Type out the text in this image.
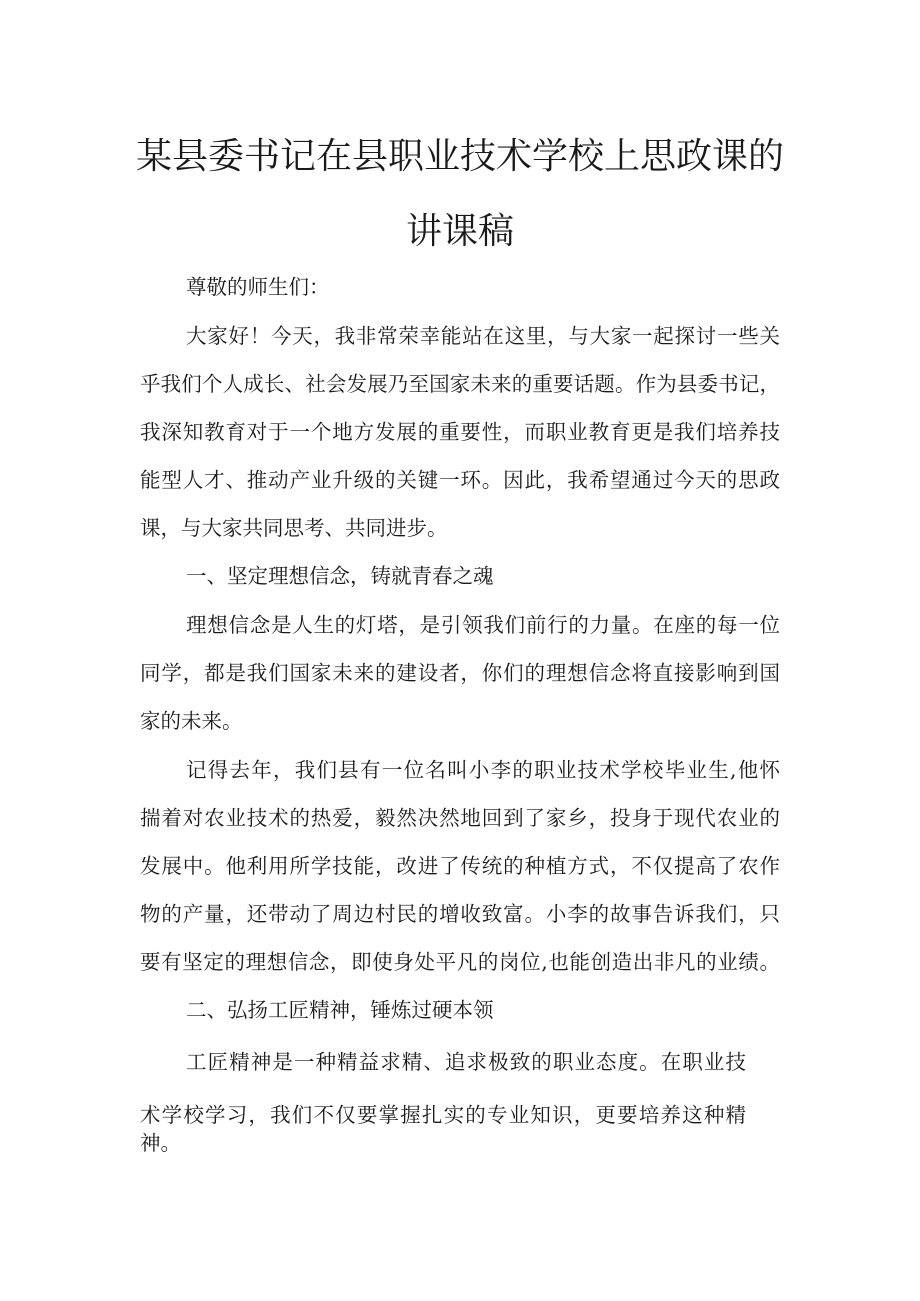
某县委书记在县职业技术学校上思政课的
讲课稿
尊敬的师生们：
大家好！今天，我非常荣幸能站在这里，与大家一起探讨一些关
乎我们个人成长、社会发展乃至国家未来的重要话题。作为县委书记，
我深知教育对于一个地方发展的重要性，而职业教育更是我们培养技
能型人才、推动产业升级的关键一环。因此，我希望通过今天的思政
课，与大家共同思考、共同进步。
一、坚定理想信念，铸就青春之魂
理想信念是人生的灯塔，是引领我们前行的力量。在座的每一位
同学，都是我们国家未来的建设者，你们的理想信念将直接影响到国
家的未来。
记得去年，我们县有一位名叫小李的职业技术学校毕业生,他怀
揣着对农业技术的热爱，毅然决然地回到了家乡，投身于现代农业的
发展中。他利用所学技能，改进了传统的种植方式，不仅提高了农作
物的产量，还带动了周边村民的增收致富。小李的故事告诉我们，只
要有坚定的理想信念，即使身处平凡的岗位,也能创造出非凡的业绩。
二、弘扬工匠精神，锤炼过硬本领
工匠精神是一种精益求精、追求极致的职业态度。在职业技
术学校学习，我们不仅要掌握扎实的专业知识，更要培养这种精
神。
